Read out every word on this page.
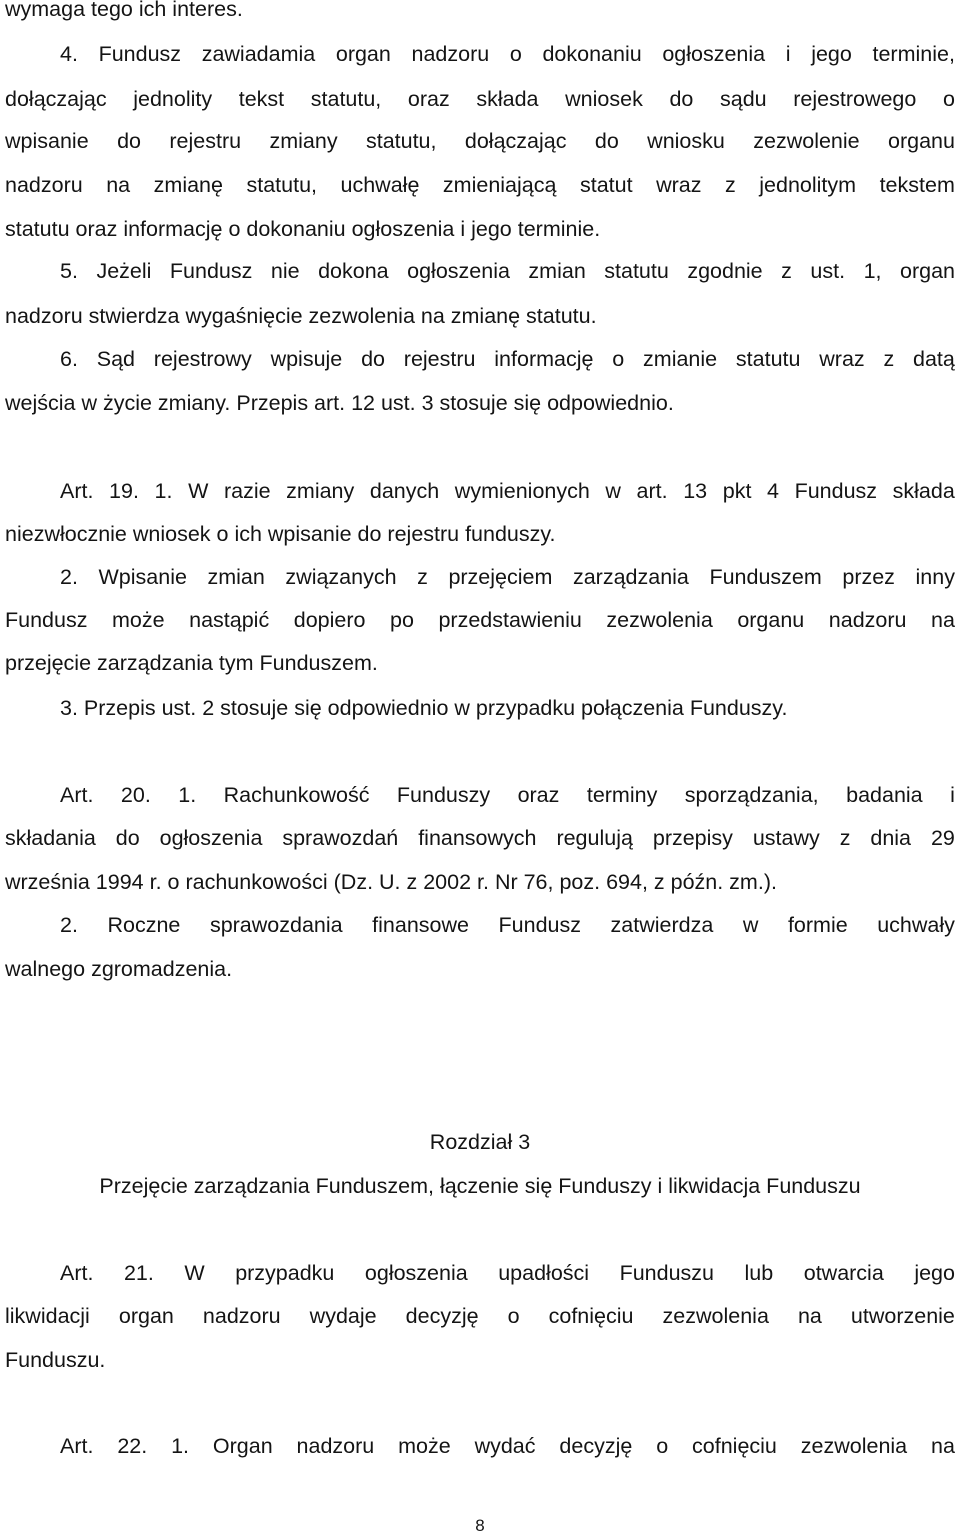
wymaga tego ich interes.
4. Fundusz zawiadamia organ nadzoru o dokonaniu ogłoszenia i jego terminie,
dołączając jednolity tekst statutu, oraz składa wniosek do sądu rejestrowego o
wpisanie do rejestru zmiany statutu, dołączając do wniosku zezwolenie organu
nadzoru na zmianę statutu, uchwałę zmieniającą statut wraz z jednolitym tekstem
statutu oraz informację o dokonaniu ogłoszenia i jego terminie.
5. Jeżeli Fundusz nie dokona ogłoszenia zmian statutu zgodnie z ust. 1, organ
nadzoru stwierdza wygaśnięcie zezwolenia na zmianę statutu.
6. Sąd rejestrowy wpisuje do rejestru informację o zmianie statutu wraz z datą
wejścia w życie zmiany. Przepis art. 12 ust. 3 stosuje się odpowiednio.
Art. 19. 1. W razie zmiany danych wymienionych w art. 13 pkt 4 Fundusz składa
niezwłocznie wniosek o ich wpisanie do rejestru funduszy.
2. Wpisanie zmian związanych z przejęciem zarządzania Funduszem przez inny
Fundusz może nastąpić dopiero po przedstawieniu zezwolenia organu nadzoru na
przejęcie zarządzania tym Funduszem.
3. Przepis ust. 2 stosuje się odpowiednio w przypadku połączenia Funduszy.
Art. 20. 1. Rachunkowość Funduszy oraz terminy sporządzania, badania i
składania do ogłoszenia sprawozdań finansowych regulują przepisy ustawy z dnia 29
września 1994 r. o rachunkowości (Dz. U. z 2002 r. Nr 76, poz. 694, z późn. zm.).
2. Roczne sprawozdania finansowe Fundusz zatwierdza w formie uchwały
walnego zgromadzenia.
Rozdział 3
Przejęcie zarządzania Funduszem, łączenie się Funduszy i likwidacja Funduszu
Art. 21. W przypadku ogłoszenia upadłości Funduszu lub otwarcia jego
likwidacji organ nadzoru wydaje decyzję o cofnięciu zezwolenia na utworzenie
Funduszu.
Art. 22. 1. Organ nadzoru może wydać decyzję o cofnięciu zezwolenia na
8
